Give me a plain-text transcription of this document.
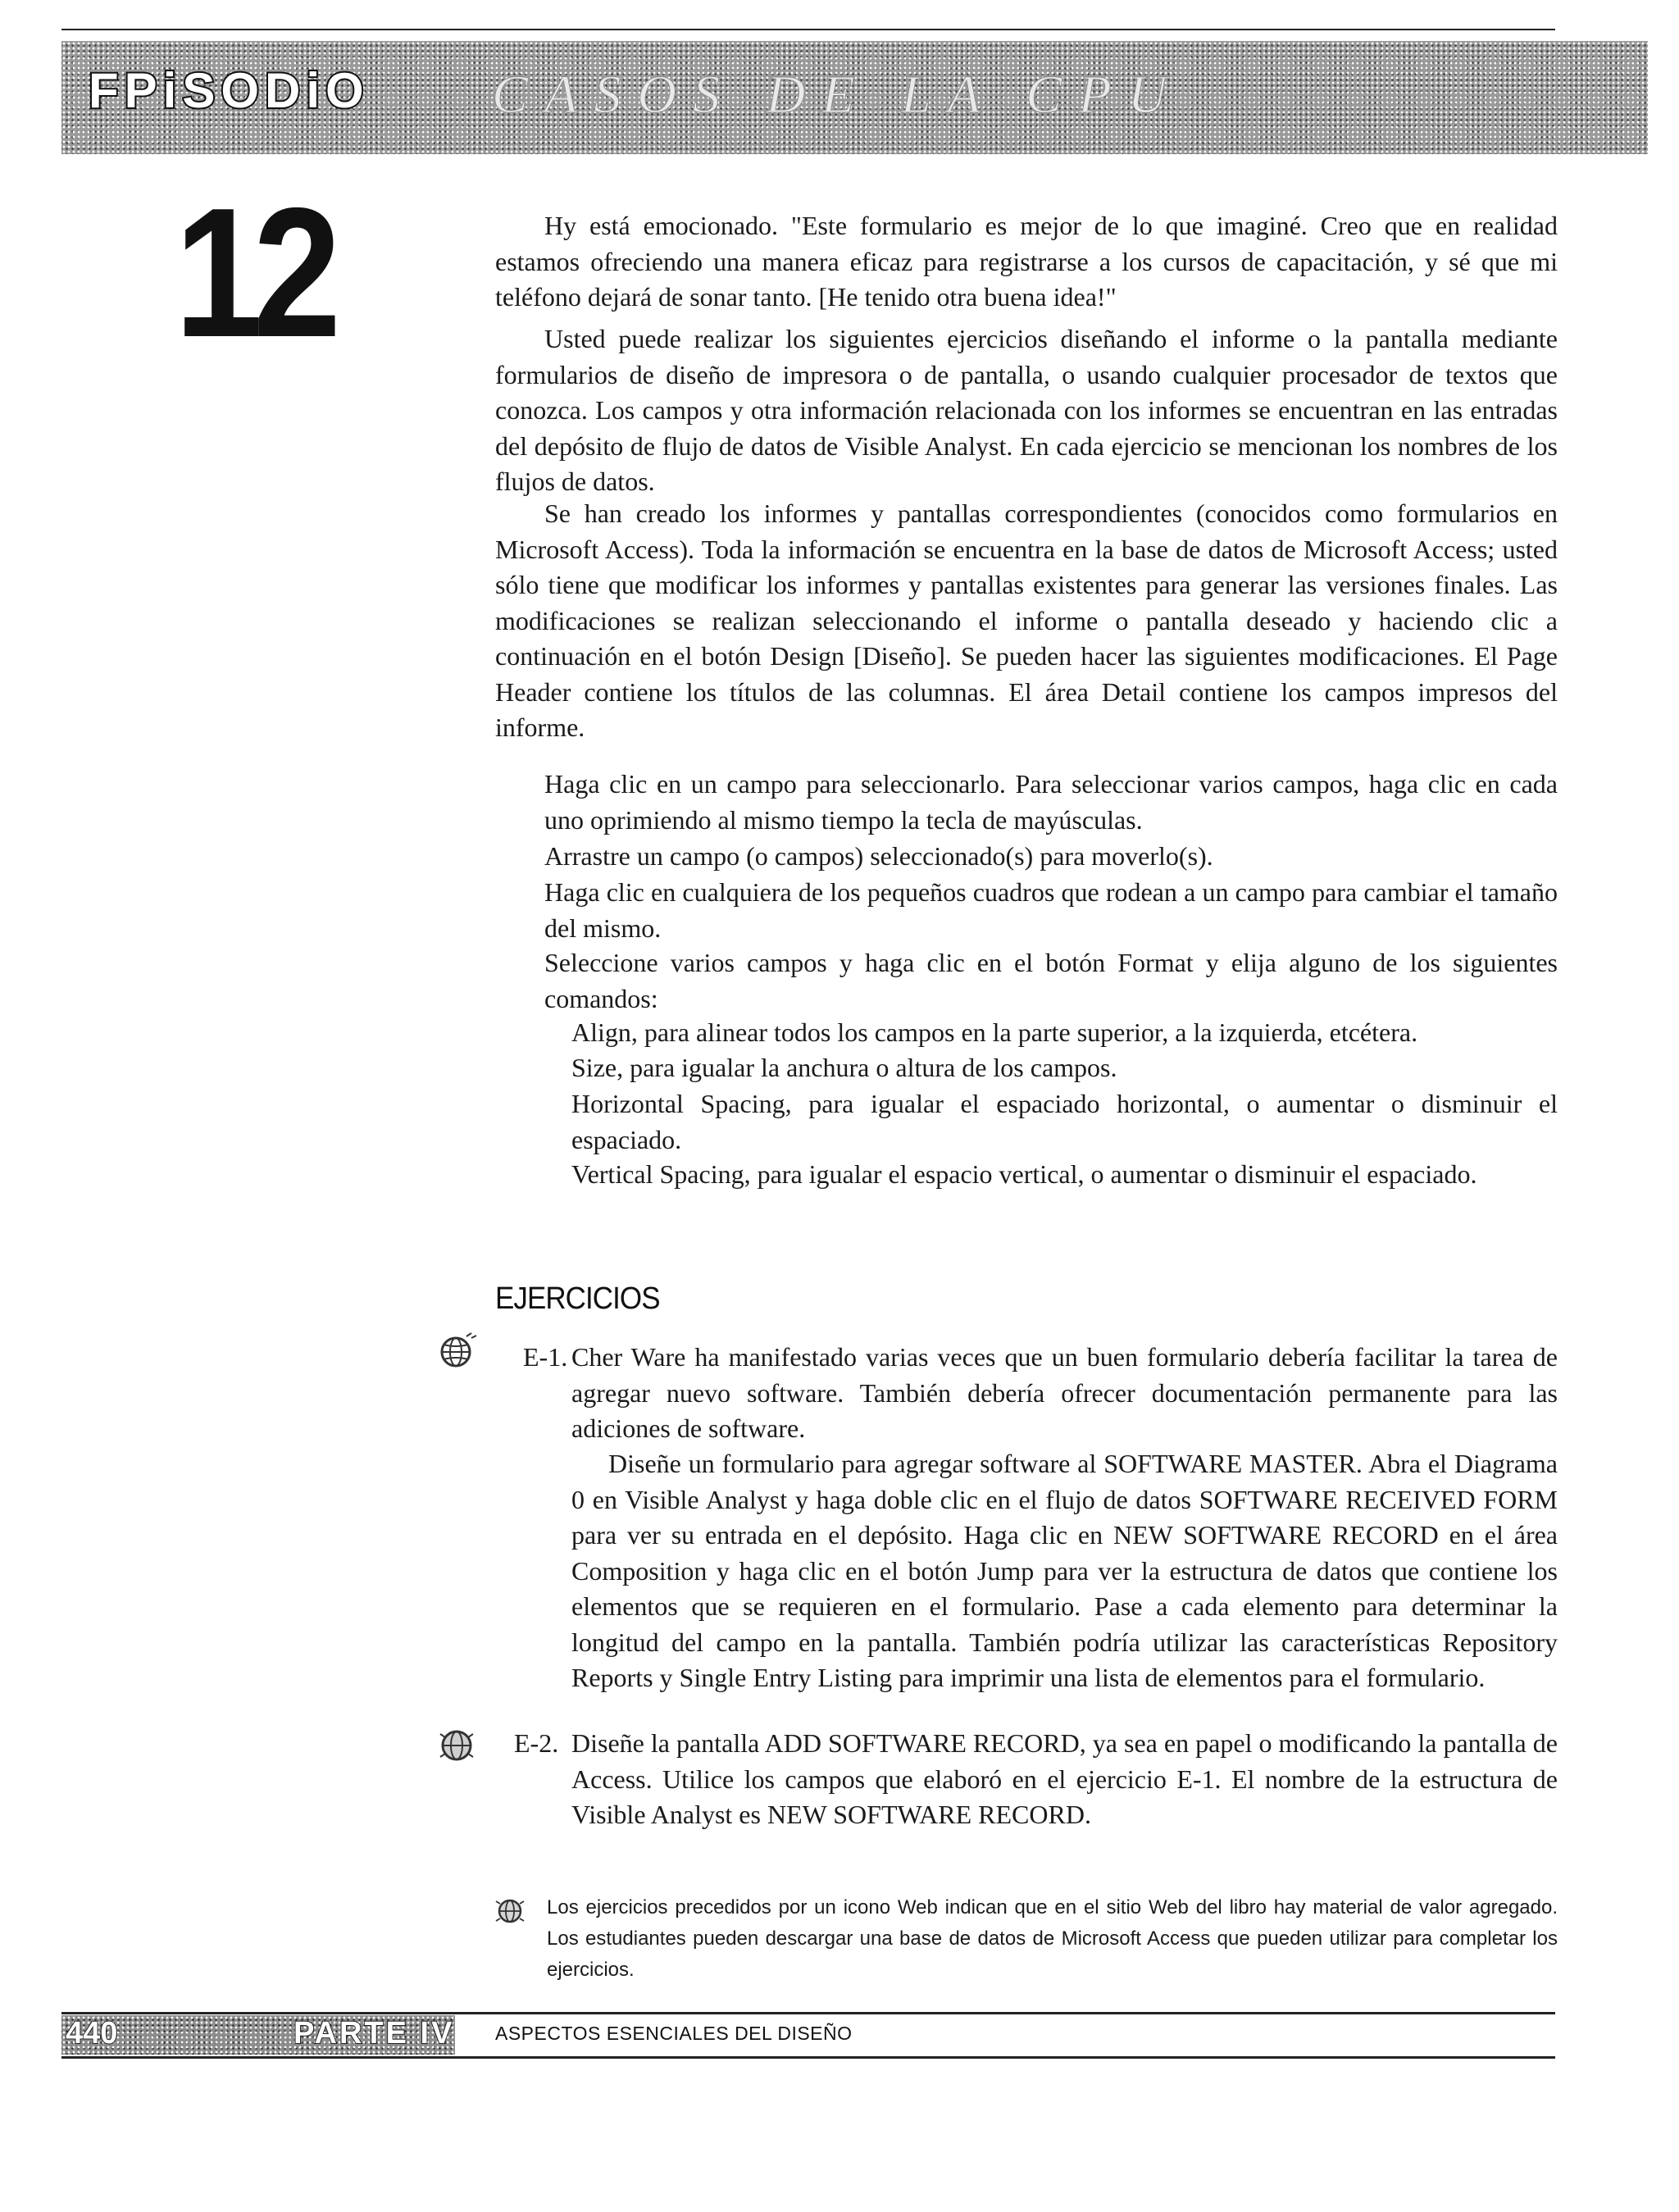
FPiSODiO CASOS DE LA CPU
12	Hy está emocionado. "Este formulario es mejor de lo que imaginé. Creo que en realidad estamos ofreciendo una manera eficaz para registrarse a los cursos de capacitación, y sé que mi teléfono dejará de sonar tanto. [He tenido otra buena idea!"

Usted puede realizar los siguientes ejercicios diseñando el informe o la pantalla mediante formularios de diseño de impresora o de pantalla, o usando cualquier procesador de textos que conozca. Los campos y otra información relacionada con los informes se encuentran en las entradas del depósito de flujo de datos de Visible Analyst. En cada ejercicio se mencionan los nombres de los flujos de datos.

Se han creado los informes y pantallas correspondientes (conocidos como formularios en Microsoft Access). Toda la información se encuentra en la base de datos de Microsoft Access; usted sólo tiene que modificar los informes y pantallas existentes para generar las versiones finales. Las modificaciones se realizan seleccionando el informe o pantalla deseado y haciendo clic a continuación en el botón Design [Diseño]. Se pueden hacer las siguientes modificaciones. El Page Header contiene los títulos de las columnas. El área Detail contiene los campos impresos del informe.

Haga clic en un campo para seleccionarlo. Para seleccionar varios campos, haga clic en cada uno oprimiendo al mismo tiempo la tecla de mayúsculas.

Arrastre un campo (o campos) seleccionado(s) para moverlo(s).

Haga clic en cualquiera de los pequeños cuadros que rodean a un campo para cambiar el tamaño del mismo.

Seleccione varios campos y haga clic en el botón Format y elija alguno de los siguientes comandos:

Align, para alinear todos los campos en la parte superior, a la izquierda, etcétera.

Size, para igualar la anchura o altura de los campos.

Horizontal Spacing, para igualar el espaciado horizontal, o aumentar o disminuir el espaciado.

Vertical Spacing, para igualar el espacio vertical, o aumentar o disminuir el espaciado.

EJERCICIOS
E-1. Cher Ware ha manifestado varias veces que un buen formulario debería facilitar la tarea de agregar nuevo software. También debería ofrecer documentación permanente para las adiciones de software.

Diseñe un formulario para agregar software al SOFTWARE MASTER. Abra el Diagrama 0 en Visible Analyst y haga doble clic en el flujo de datos SOFTWARE RECEIVED FORM para ver su entrada en el depósito. Haga clic en NEW SOFTWARE RECORD en el área Composition y haga clic en el botón Jump para ver la estructura de datos que contiene los elementos que se requieren en el formulario. Pase a cada elemento para determinar la longitud del campo en la pantalla. También podría utilizar las características Repository Reports y Single Entry Listing para imprimir una lista de elementos para el formulario.

E-2. Diseñe la pantalla ADD SOFTWARE RECORD, ya sea en papel o modificando la pantalla de Access. Utilice los campos que elaboró en el ejercicio E-1. El nombre de la estructura de Visible Analyst es NEW SOFTWARE RECORD.

Los ejercicios precedidos por un icono Web indican que en el sitio Web del libro hay material de valor agregado. Los estudiantes pueden descargar una base de datos de Microsoft Access que pueden utilizar para completar los ejercicios.

440	PARTE IV ASPECTOS ESENCIALES DEL DISEÑO
